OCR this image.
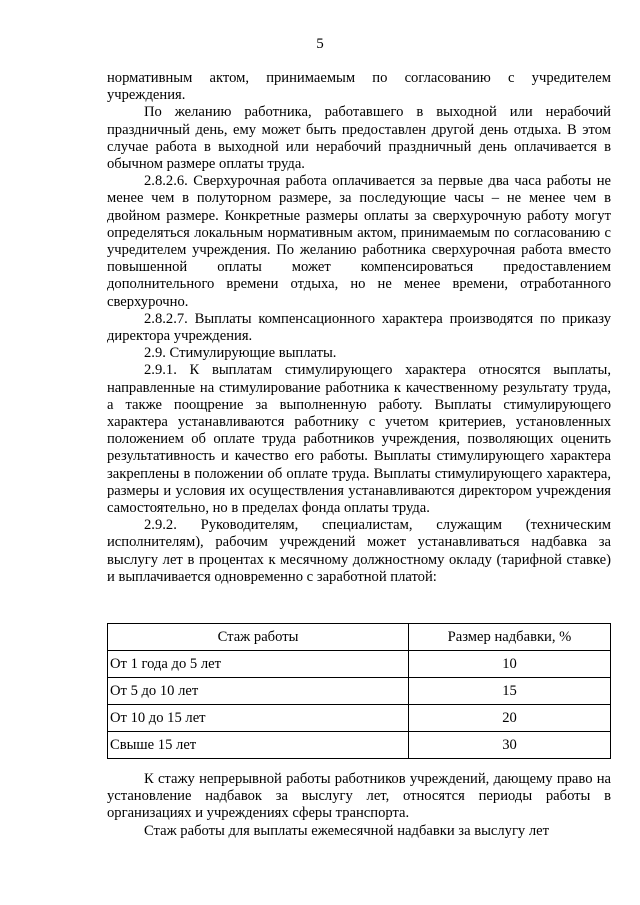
5

нормативным актом, принимаемым по согласованию с учредителем учреждения.

По желанию работника, работавшего в выходной или нерабочий праздничный день, ему может быть предоставлен другой день отдыха. В этом случае работа в выходной или нерабочий праздничный день оплачивается в обычном размере оплаты труда.

2.8.2.6. Сверхурочная работа оплачивается за первые два часа работы не менее чем в полуторном размере, за последующие часы – не менее чем в двойном размере. Конкретные размеры оплаты за сверхурочную работу могут определяться локальным нормативным актом, принимаемым по согласованию с учредителем учреждения. По желанию работника сверхурочная работа вместо повышенной оплаты может компенсироваться предоставлением дополнительного времени отдыха, но не менее времени, отработанного сверхурочно.

2.8.2.7. Выплаты компенсационного характера производятся по приказу директора учреждения.

2.9. Стимулирующие выплаты.

2.9.1. К выплатам стимулирующего характера относятся выплаты, направленные на стимулирование работника к качественному результату труда, а также поощрение за выполненную работу. Выплаты стимулирующего характера устанавливаются работнику с учетом критериев, установленных положением об оплате труда работников учреждения, позволяющих оценить результативность и качество его работы. Выплаты стимулирующего характера закреплены в положении об оплате труда. Выплаты стимулирующего характера, размеры и условия их осуществления устанавливаются директором учреждения самостоятельно, но в пределах фонда оплаты труда.

2.9.2. Руководителям, специалистам, служащим (техническим исполнителям), рабочим учреждений может устанавливаться надбавка за выслугу лет в процентах к месячному должностному окладу (тарифной ставке) и выплачивается одновременно с заработной платой:

Стаж работы	Размер надбавки, %
От 1 года до 5 лет	10
От 5 до 10 лет	15
От 10 до 15 лет	20
Свыше 15 лет	30

К стажу непрерывной работы работников учреждений, дающему право на установление надбавок за выслугу лет, относятся периоды работы в организациях и учреждениях сферы транспорта.

Стаж работы для выплаты ежемесячной надбавки за выслугу лет
